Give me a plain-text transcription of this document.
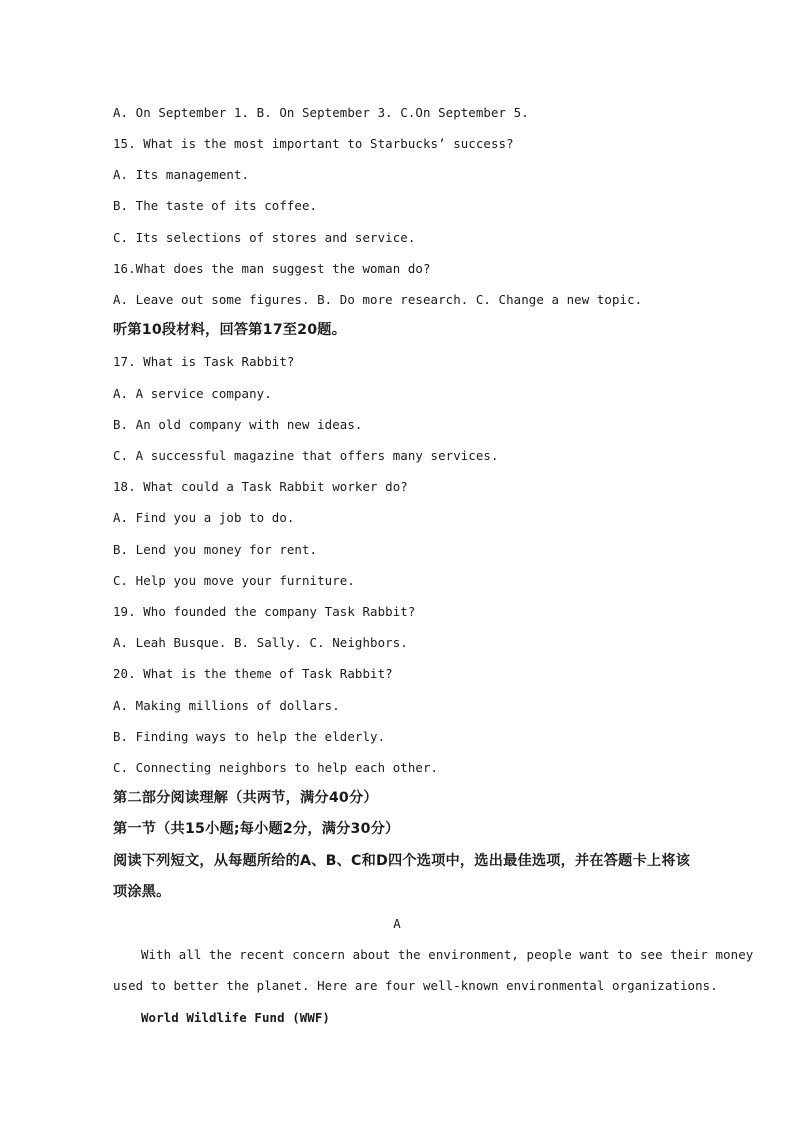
A. On September 1. B. On September 3. C.On September 5.
15. What is the most important to Starbucks’ success?
A. Its management.
B. The taste of its coffee.
C. Its selections of stores and service.
16.What does the man suggest the woman do?
A. Leave out some figures. B. Do more research. C. Change a new topic.
听第10段材料，回答第17至20题。
17. What is Task Rabbit?
A. A service company.
B. An old company with new ideas.
C. A successful magazine that offers many services.
18. What could a Task Rabbit worker do?
A. Find you a job to do.
B. Lend you money for rent.
C. Help you move your furniture.
19. Who founded the company Task Rabbit?
A. Leah Busque. B. Sally. C. Neighbors.
20. What is the theme of Task Rabbit?
A. Making millions of dollars.
B. Finding ways to help the elderly.
C. Connecting neighbors to help each other.
第二部分阅读理解（共两节，满分40分）
第一节（共15小题;每小题2分，满分30分）
阅读下列短文，从每题所给的A、B、C和D四个选项中，选出最佳选项，并在答题卡上将该
项涂黑。
A
With all the recent concern about the environment, people want to see their money
used to better the planet. Here are four well-known environmental organizations.
World Wildlife Fund (WWF)
